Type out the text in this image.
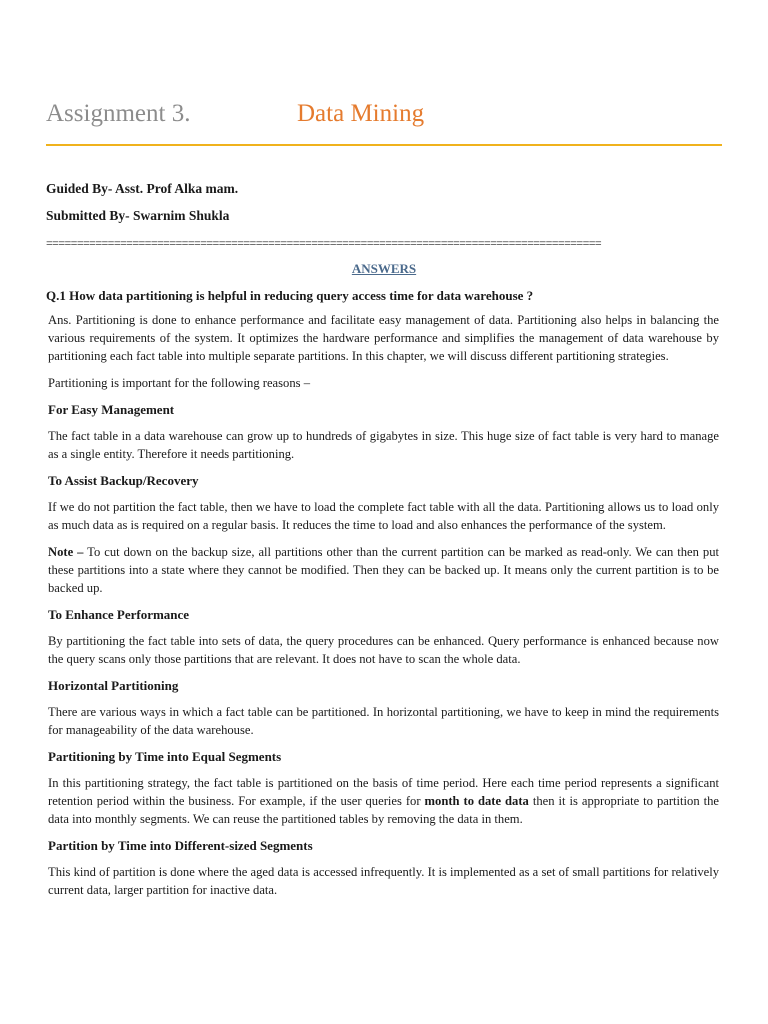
Assignment 3.	Data Mining
Guided By- Asst. Prof Alka mam.
Submitted By- Swarnim Shukla
==========================================================================================
ANSWERS
Q.1 How data partitioning is helpful in reducing query access time for data warehouse ?

Ans. Partitioning is done to enhance performance and facilitate easy management of data. Partitioning also helps in balancing the various requirements of the system. It optimizes the hardware performance and simplifies the management of data warehouse by partitioning each fact table into multiple separate partitions. In this chapter, we will discuss different partitioning strategies.

Partitioning is important for the following reasons –

For Easy Management

The fact table in a data warehouse can grow up to hundreds of gigabytes in size. This huge size of fact table is very hard to manage as a single entity. Therefore it needs partitioning.

To Assist Backup/Recovery

If we do not partition the fact table, then we have to load the complete fact table with all the data. Partitioning allows us to load only as much data as is required on a regular basis. It reduces the time to load and also enhances the performance of the system.

Note – To cut down on the backup size, all partitions other than the current partition can be marked as read-only. We can then put these partitions into a state where they cannot be modified. Then they can be backed up. It means only the current partition is to be backed up.

To Enhance Performance

By partitioning the fact table into sets of data, the query procedures can be enhanced. Query performance is enhanced because now the query scans only those partitions that are relevant. It does not have to scan the whole data.

Horizontal Partitioning

There are various ways in which a fact table can be partitioned. In horizontal partitioning, we have to keep in mind the requirements for manageability of the data warehouse.

Partitioning by Time into Equal Segments

In this partitioning strategy, the fact table is partitioned on the basis of time period. Here each time period represents a significant retention period within the business. For example, if the user queries for month to date data then it is appropriate to partition the data into monthly segments. We can reuse the partitioned tables by removing the data in them.

Partition by Time into Different-sized Segments

This kind of partition is done where the aged data is accessed infrequently. It is implemented as a set of small partitions for relatively current data, larger partition for inactive data.
